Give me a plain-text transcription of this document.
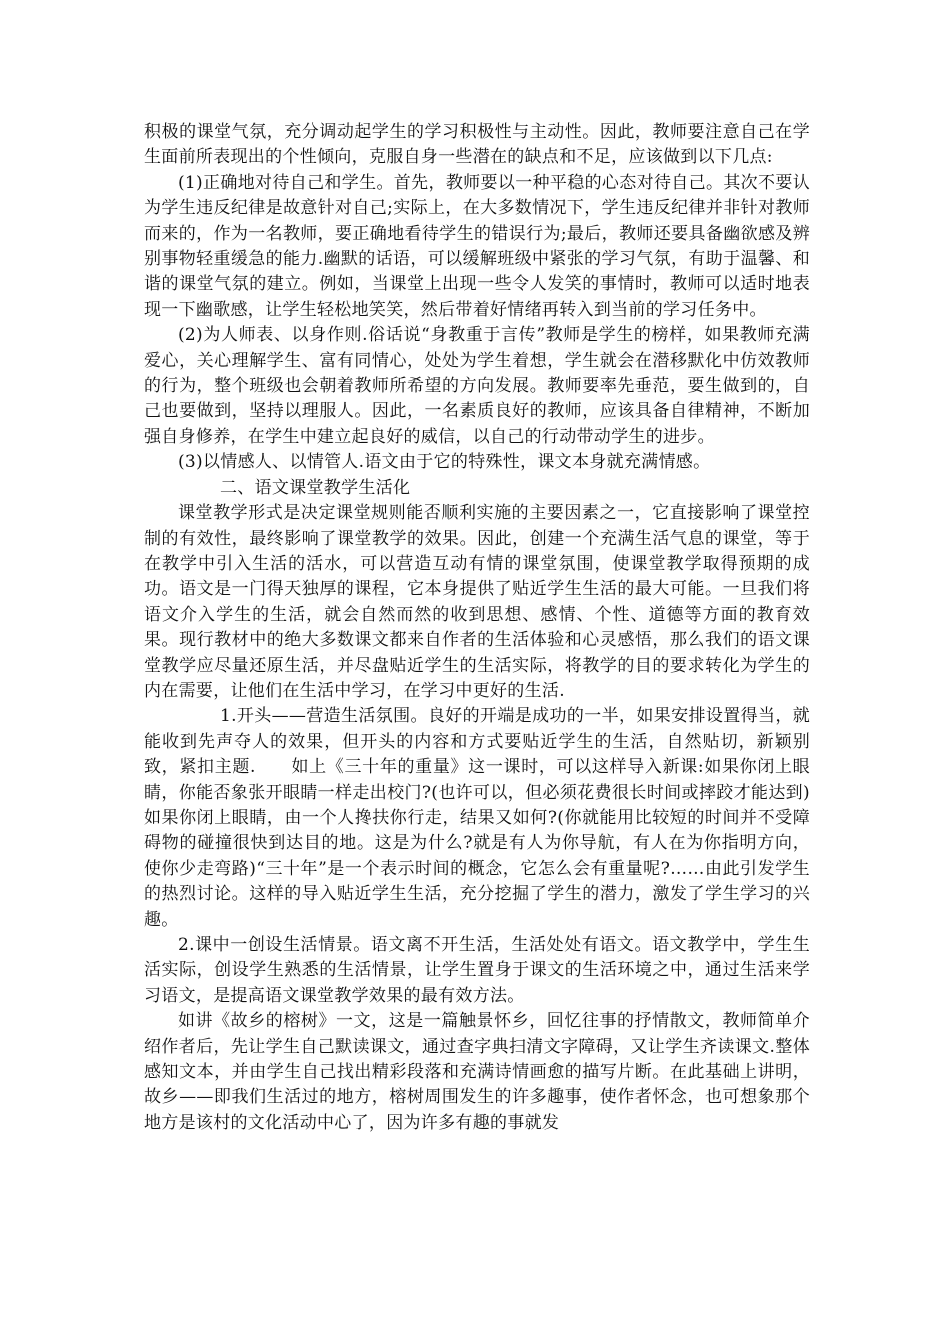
积极的课堂气氛，充分调动起学生的学习积极性与主动性。因此，教师要注意自己在学生面前所表现出的个性倾向，克服自身一些潜在的缺点和不足，应该做到以下几点:

(1)正确地对待自己和学生。首先，教师要以一种平稳的心态对待自己。其次不要认为学生违反纪律是故意针对自己;实际上，在大多数情况下，学生违反纪律并非针对教师而来的，作为一名教师，要正确地看待学生的错误行为;最后，教师还要具备幽欲感及辨别事物轻重缓急的能力.幽默的话语，可以缓解班级中紧张的学习气氛，有助于温馨、和谐的课堂气氛的建立。例如，当课堂上出现一些令人发笑的事情时，教师可以适时地表现一下幽歌感，让学生轻松地笑笑，然后带着好情绪再转入到当前的学习任务中。

(2)为人师表、以身作则.俗话说“身教重于言传”教师是学生的榜样，如果教师充满爱心，关心理解学生、富有同情心，处处为学生着想，学生就会在潜移默化中仿效教师的行为，整个班级也会朝着教师所希望的方向发展。教师要率先垂范，要生做到的，自己也要做到，坚持以理服人。因此，一名素质良好的教师，应该具备自律精神，不断加强自身修养，在学生中建立起良好的威信，以自己的行动带动学生的进步。

(3)以情感人、以情管人.语文由于它的特殊性，课文本身就充满情感。

二、语文课堂教学生活化

课堂教学形式是决定课堂规则能否顺利实施的主要因素之一，它直接影响了课堂控制的有效性，最终影响了课堂教学的效果。因此，创建一个充满生活气息的课堂，等于在教学中引入生活的活水，可以营造互动有情的课堂氛围，使课堂教学取得预期的成功。语文是一门得天独厚的课程，它本身提供了贴近学生生活的最大可能。一旦我们将语文介入学生的生活，就会自然而然的收到思想、感情、个性、道德等方面的教育效果。现行教材中的绝大多数课文都来自作者的生活体验和心灵感悟，那么我们的语文课堂教学应尽量还原生活，并尽盘贴近学生的生活实际，将教学的目的要求转化为学生的内在需要，让他们在生活中学习，在学习中更好的生活.

1.开头——营造生活氛围。良好的开端是成功的一半，如果安排设置得当，就能收到先声夺人的效果，但开头的内容和方式要贴近学生的生活，自然贴切，新颖别致，紧扣主题.　　如上《三十年的重量》这一课时，可以这样导入新课:如果你闭上眼睛，你能否象张开眼睛一样走出校门?(也许可以，但必须花费很长时间或摔跤才能达到)如果你闭上眼睛，由一个人搀扶你行走，结果又如何?(你就能用比较短的时间并不受障碍物的碰撞很快到达目的地。这是为什么?就是有人为你导航，有人在为你指明方向，使你少走弯路)“三十年”是一个表示时间的概念，它怎么会有重量呢?……由此引发学生的热烈讨论。这样的导入贴近学生生活，充分挖掘了学生的潜力，激发了学生学习的兴趣。

2.课中一创设生活情景。语文离不开生活，生活处处有语文。语文教学中，学生生活实际，创设学生熟悉的生活情景，让学生置身于课文的生活环境之中，通过生活来学习语文，是提高语文课堂教学效果的最有效方法。

如讲《故乡的榕树》一文，这是一篇触景怀乡，回忆往事的抒情散文，教师简单介绍作者后，先让学生自己默读课文，通过查字典扫清文字障碍，又让学生齐读课文.整体感知文本，并由学生自己找出精彩段落和充满诗情画愈的描写片断。在此基础上讲明，故乡——即我们生活过的地方，榕树周围发生的许多趣事，使作者怀念，也可想象那个地方是该村的文化活动中心了，因为许多有趣的事就发
